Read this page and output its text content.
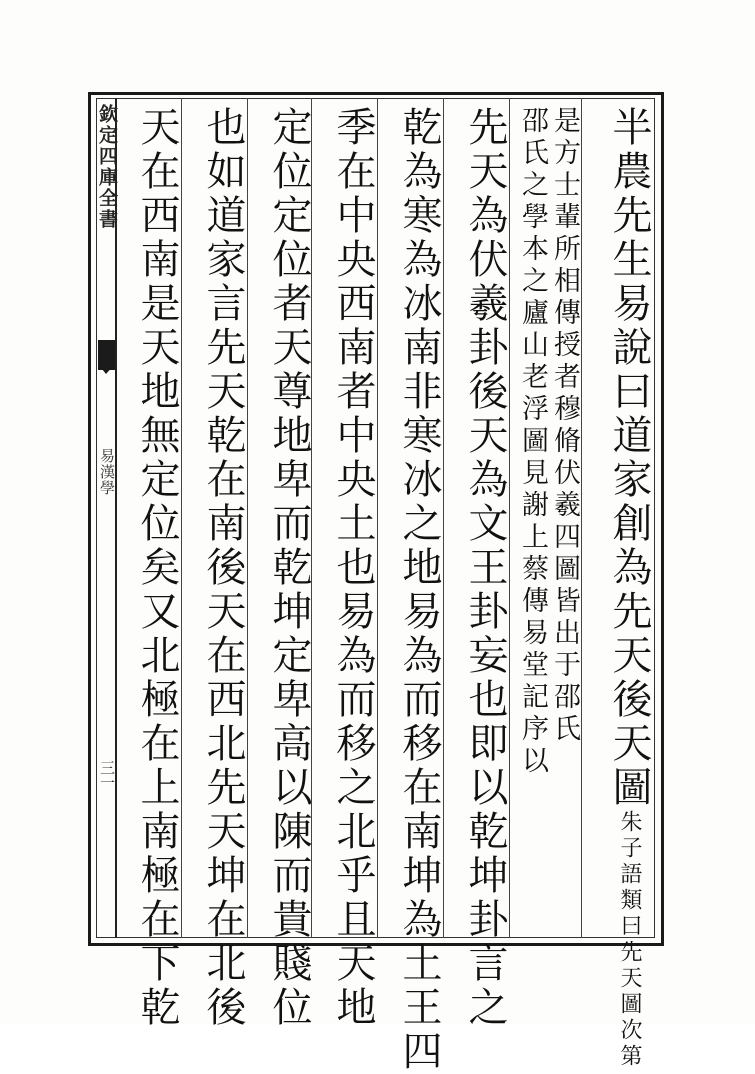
欽定四庫全書
易漢學
三一	半農先生易說曰道家創為先天後天圖朱子語類曰先天圖次第
是方士輩所相傳授者穆脩伏羲四圖皆出于邵氏
邵氏之學本之廬山老浮圖見謝上蔡傳易堂記序以
先天為伏羲卦後天為文王卦妄也即以乾坤卦言之
乾為寒為冰南非寒冰之地易為而移在南坤為土王四
季在中央西南者中央土也易為而移之北乎且天地
定位定位者天尊地卑而乾坤定卑高以陳而貴賤位
也如道家言先天乾在南後天在西北先天坤在北後
天在西南是天地無定位矣又北極在上南極在下乾
